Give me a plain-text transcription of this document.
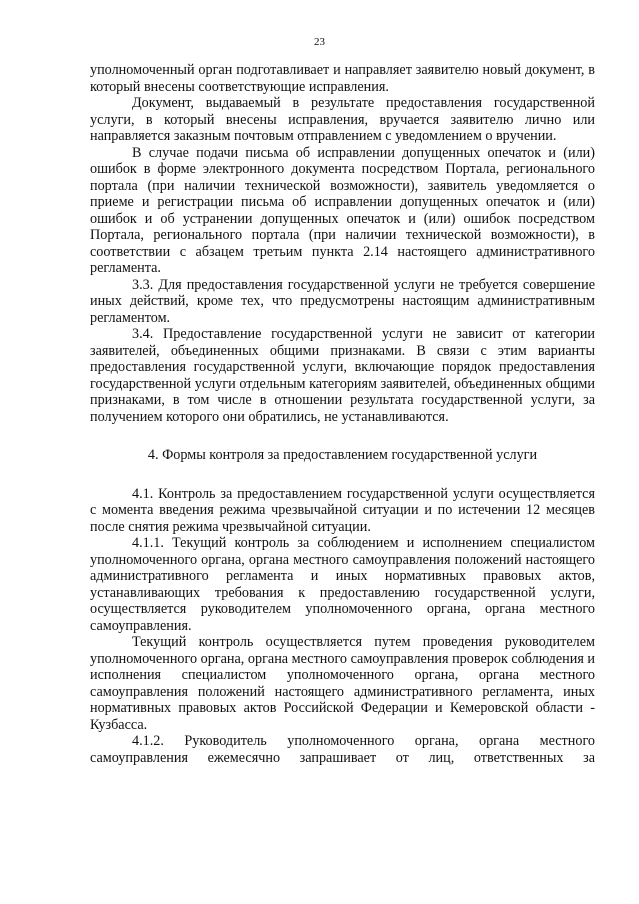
23

уполномоченный орган подготавливает и направляет заявителю новый документ, в который внесены соответствующие исправления.

Документ, выдаваемый в результате предоставления государственной услуги, в который внесены исправления, вручается заявителю лично или направляется заказным почтовым отправлением с уведомлением о вручении.

В случае подачи письма об исправлении допущенных опечаток и (или) ошибок в форме электронного документа посредством Портала, регионального портала (при наличии технической возможности), заявитель уведомляется о приеме и регистрации письма об исправлении допущенных опечаток и (или) ошибок и об устранении допущенных опечаток и (или) ошибок посредством Портала, регионального портала (при наличии технической возможности), в соответствии с абзацем третьим пункта 2.14 настоящего административного регламента.

3.3. Для предоставления государственной услуги не требуется совершение иных действий, кроме тех, что предусмотрены настоящим административным регламентом.

3.4. Предоставление государственной услуги не зависит от категории заявителей, объединенных общими признаками. В связи с этим варианты предоставления государственной услуги, включающие порядок предоставления государственной услуги отдельным категориям заявителей, объединенных общими признаками, в том числе в отношении результата государственной услуги, за получением которого они обратились, не устанавливаются.

4. Формы контроля за предоставлением государственной услуги

4.1. Контроль за предоставлением государственной услуги осуществляется с момента введения режима чрезвычайной ситуации и по истечении 12 месяцев после снятия режима чрезвычайной ситуации.

4.1.1. Текущий контроль за соблюдением и исполнением специалистом уполномоченного органа, органа местного самоуправления положений настоящего административного регламента и иных нормативных правовых актов, устанавливающих требования к предоставлению государственной услуги, осуществляется руководителем уполномоченного органа, органа местного самоуправления.

Текущий контроль осуществляется путем проведения руководителем уполномоченного органа, органа местного самоуправления проверок соблюдения и исполнения специалистом уполномоченного органа, органа местного самоуправления положений настоящего административного регламента, иных нормативных правовых актов Российской Федерации и Кемеровской области - Кузбасса.

4.1.2. Руководитель уполномоченного органа, органа местного самоуправления ежемесячно запрашивает от лиц, ответственных за
